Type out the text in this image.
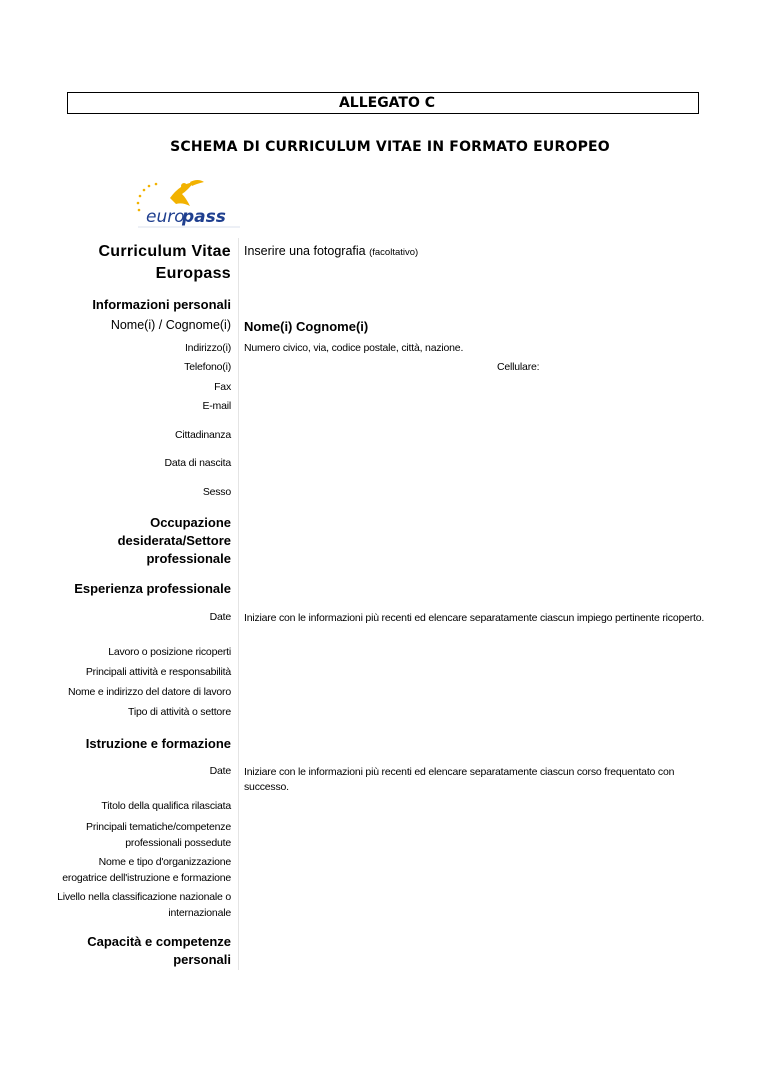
ALLEGATO C
SCHEMA DI CURRICULUM VITAE IN FORMATO EUROPEO
euro
pass
Curriculum Vitae
Europass
Inserire una fotografia (facoltativo)
Informazioni personali
Nome(i) / Cognome(i) Nome(i) Cognome(i)
Indirizzo(i) Numero civico, via, codice postale, città, nazione.
Telefono(i)	Cellulare:
Fax
E-mail
Cittadinanza
Data di nascita
Sesso
Occupazione
desiderata/Settore
professionale
Esperienza professionale
Date Iniziare con le informazioni più recenti ed elencare separatamente ciascun impiego pertinente ricoperto.
Lavoro o posizione ricoperti
Principali attività e responsabilità
Nome e indirizzo del datore di lavoro
Tipo di attività o settore
Istruzione e formazione
Date Iniziare con le informazioni più recenti ed elencare separatamente ciascun corso frequentato con successo.
Titolo della qualifica rilasciata
Principali tematiche/competenze
professionali possedute
Nome e tipo d'organizzazione
erogatrice dell'istruzione e formazione
Livello nella classificazione nazionale o
internazionale
Capacità e competenze
personali
